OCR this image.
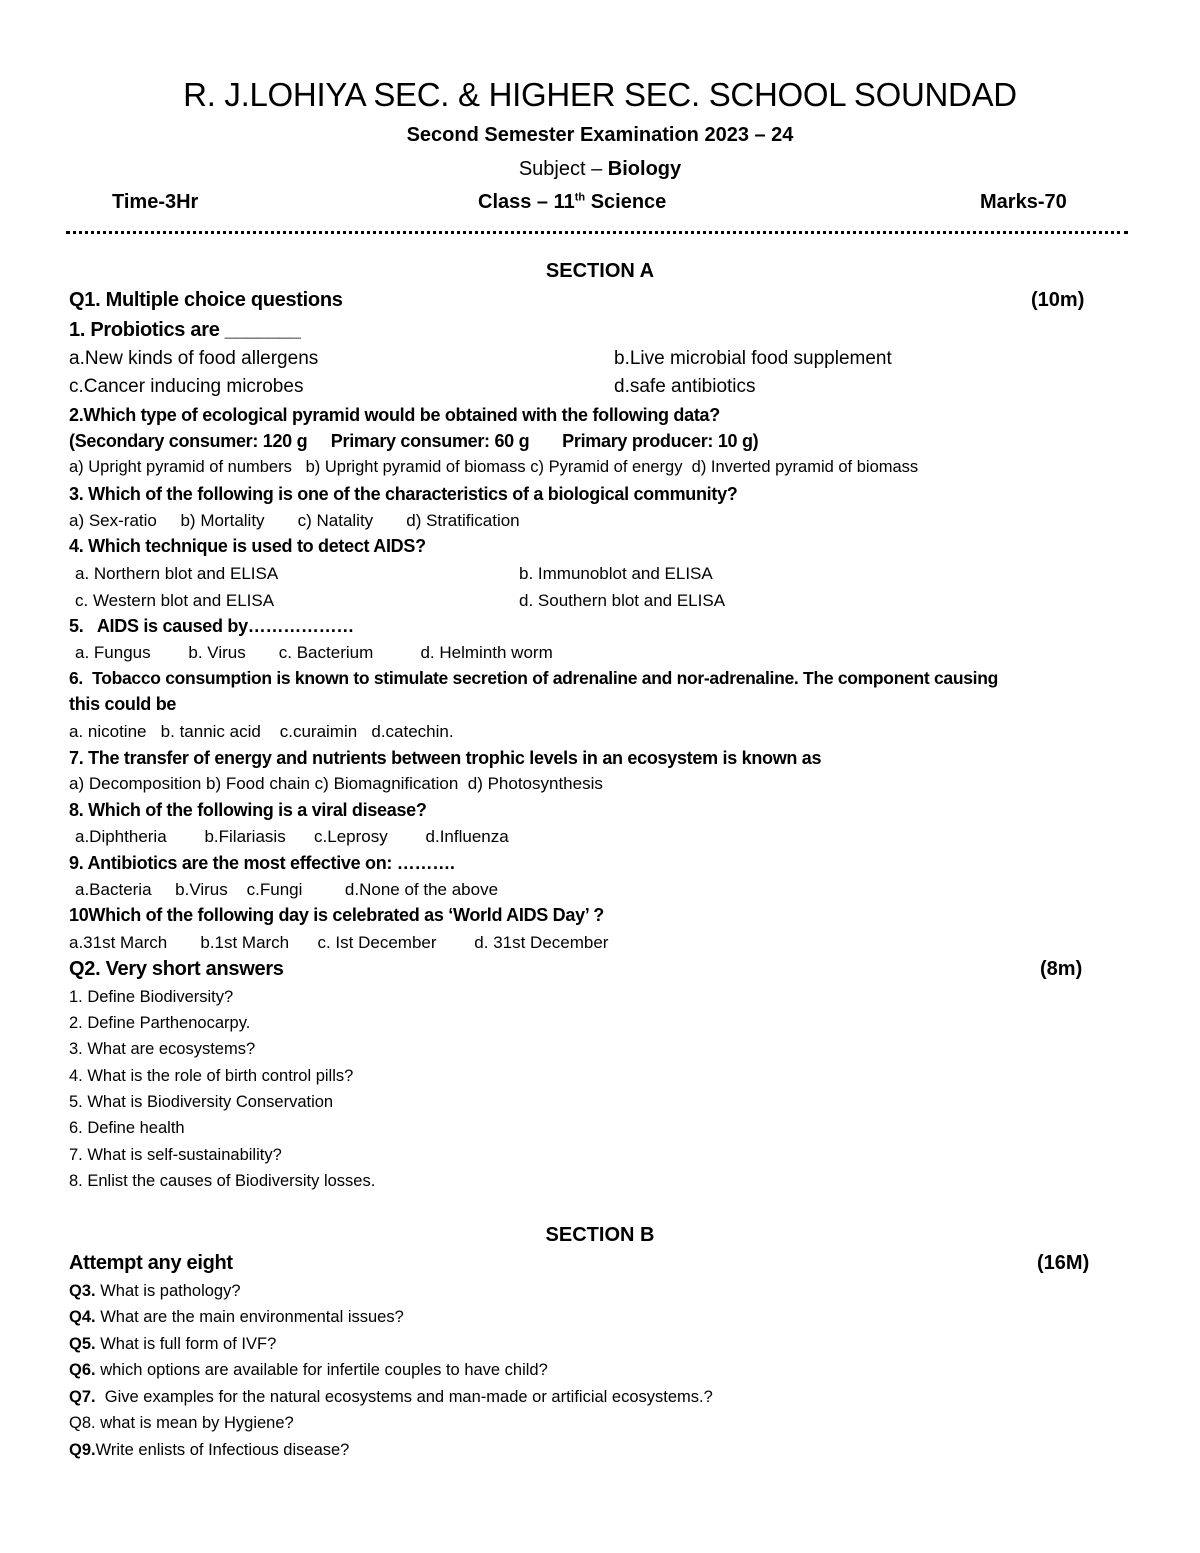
R. J.LOHIYA SEC. & HIGHER SEC. SCHOOL SOUNDAD
Second Semester Examination 2023 – 24
Subject – Biology
Time-3Hr	Class – 11th Science	Marks-70
SECTION A
Q1. Multiple choice questions	(10m)
1. Probiotics are _______
a.New kinds of food allergens	b.Live microbial food supplement
c.Cancer inducing microbes	d.safe antibiotics
2.Which type of ecological pyramid would be obtained with the following data?
(Secondary consumer: 120 g     Primary consumer: 60 g       Primary producer: 10 g)
a) Upright pyramid of numbers   b) Upright pyramid of biomass c) Pyramid of energy  d) Inverted pyramid of biomass
3. Which of the following is one of the characteristics of a biological community?
a) Sex-ratio     b) Mortality       c) Natality       d) Stratification
4. Which technique is used to detect AIDS?
a. Northern blot and ELISA	b. Immunoblot and ELISA
c. Western blot and ELISA	d. Southern blot and ELISA
5.   AIDS is caused by………………
a. Fungus        b. Virus       c. Bacterium          d. Helminth worm
6.  Tobacco consumption is known to stimulate secretion of adrenaline and nor-adrenaline. The component causing
this could be
a. nicotine   b. tannic acid    c.curaimin   d.catechin.
7. The transfer of energy and nutrients between trophic levels in an ecosystem is known as
a) Decomposition b) Food chain c) Biomagnification  d) Photosynthesis
8. Which of the following is a viral disease?
a.Diphtheria        b.Filariasis      c.Leprosy        d.Influenza
9. Antibiotics are the most effective on: ……….
a.Bacteria     b.Virus    c.Fungi         d.None of the above
10Which of the following day is celebrated as ‘World AIDS Day’ ?
a.31st March       b.1st March      c. Ist December        d. 31st December
Q2. Very short answers	(8m)
1. Define Biodiversity?
2. Define Parthenocarpy.
3. What are ecosystems?
4. What is the role of birth control pills?
5. What is Biodiversity Conservation
6. Define health
7. What is self-sustainability?
8. Enlist the causes of Biodiversity losses.
SECTION B
Attempt any eight	(16M)
Q3. What is pathology?
Q4. What are the main environmental issues?
Q5. What is full form of IVF?
Q6. which options are available for infertile couples to have child?
Q7.  Give examples for the natural ecosystems and man-made or artificial ecosystems.?
Q8. what is mean by Hygiene?
Q9.Write enlists of Infectious disease?
